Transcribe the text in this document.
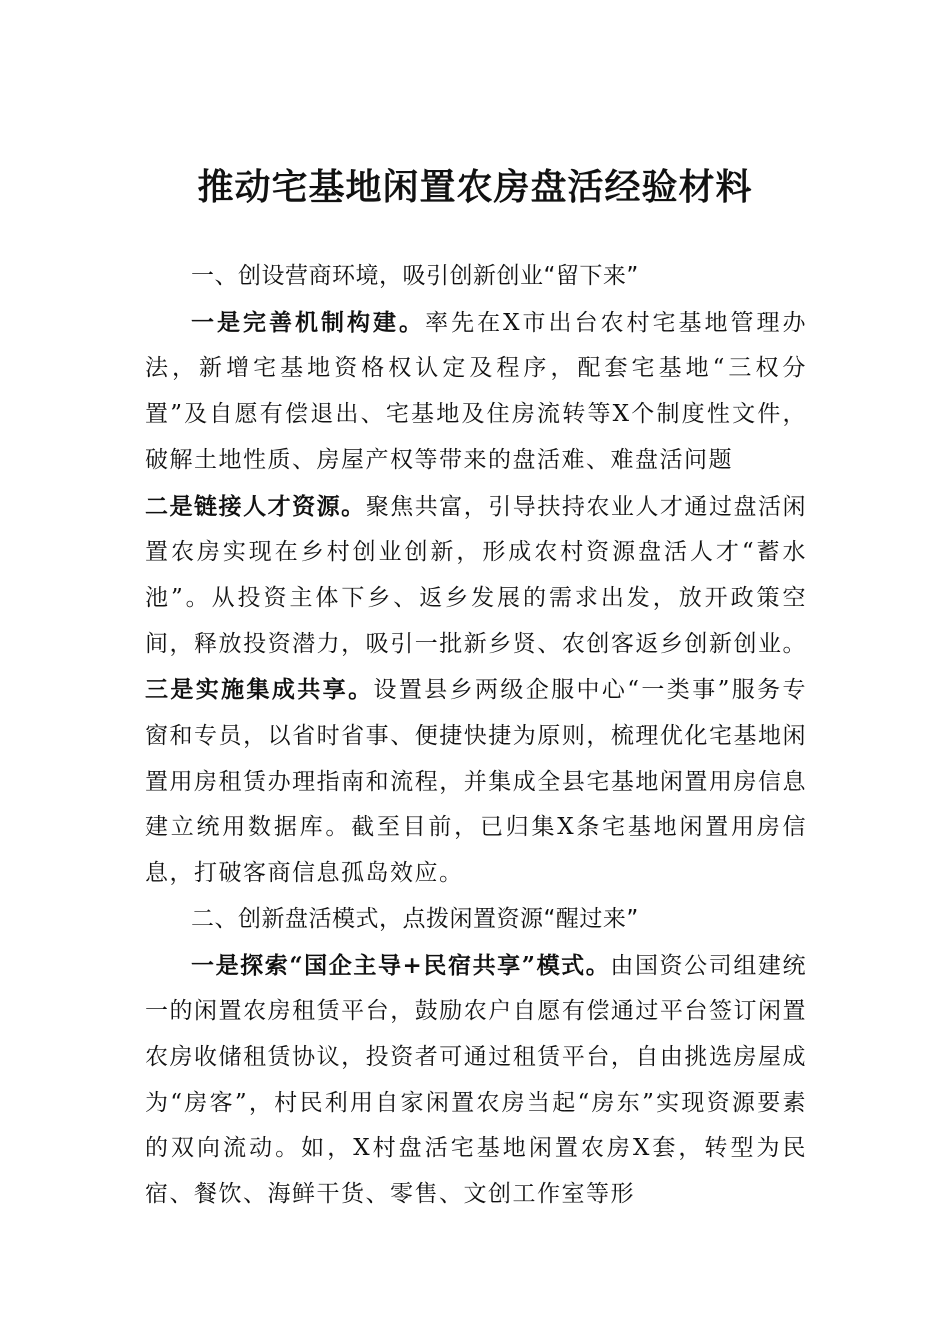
推动宅基地闲置农房盘活经验材料

一、创设营商环境，吸引创新创业“留下来”

一是完善机制构建。率先在X市出台农村宅基地管理办法，新增宅基地资格权认定及程序，配套宅基地“三权分置”及自愿有偿退出、宅基地及住房流转等X个制度性文件，破解土地性质、房屋产权等带来的盘活难、难盘活问题
二是链接人才资源。聚焦共富，引导扶持农业人才通过盘活闲置农房实现在乡村创业创新，形成农村资源盘活人才“蓄水池”。从投资主体下乡、返乡发展的需求出发，放开政策空间，释放投资潜力，吸引一批新乡贤、农创客返乡创新创业。三是实施集成共享。设置县乡两级企服中心“一类事”服务专窗和专员，以省时省事、便捷快捷为原则，梳理优化宅基地闲置用房租赁办理指南和流程，并集成全县宅基地闲置用房信息建立统用数据库。截至目前，已归集X条宅基地闲置用房信息，打破客商信息孤岛效应。

二、创新盘活模式，点拨闲置资源“醒过来”

一是探索“国企主导+民宿共享”模式。由国资公司组建统一的闲置农房租赁平台，鼓励农户自愿有偿通过平台签订闲置农房收储租赁协议，投资者可通过租赁平台，自由挑选房屋成为“房客”，村民利用自家闲置农房当起“房东”实现资源要素的双向流动。如，X村盘活宅基地闲置农房X套，转型为民宿、餐饮、海鲜干货、零售、文创工作室等形
